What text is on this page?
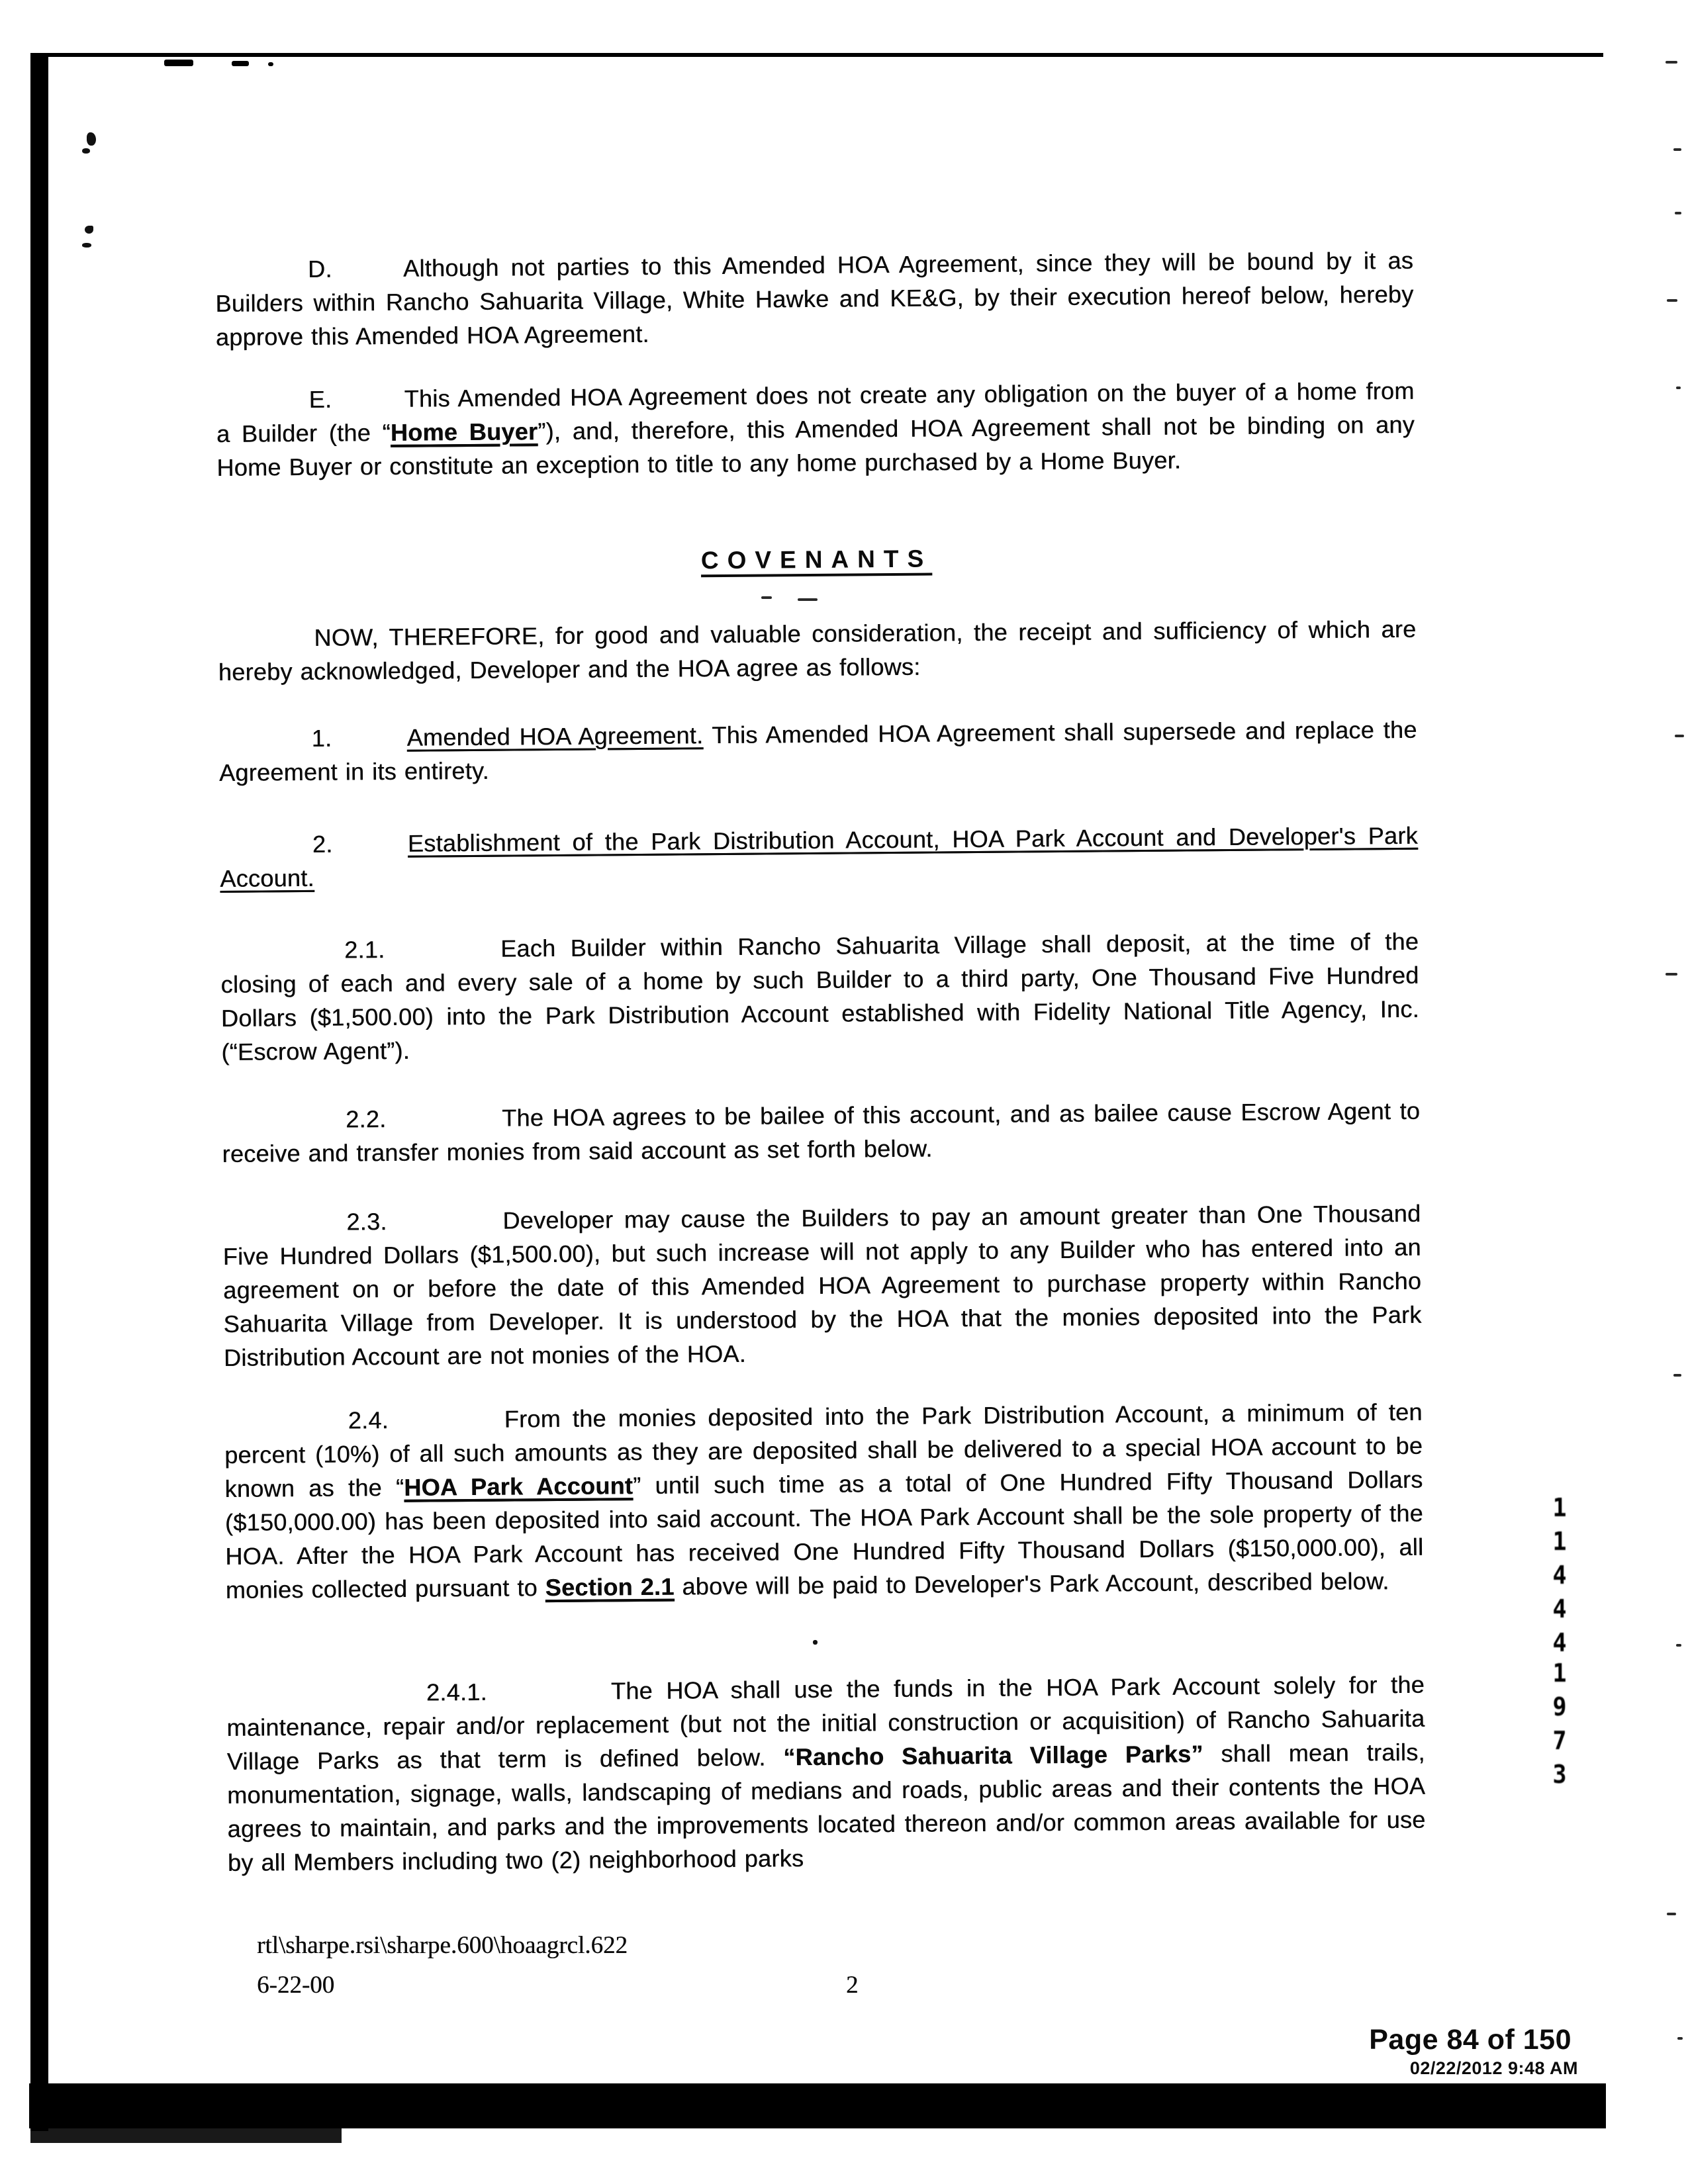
D.	Although not parties to this Amended HOA Agreement, since they will be bound by it as Builders within Rancho Sahuarita Village, White Hawke and KE&G, by their execution hereof below, hereby approve this Amended HOA Agreement.
E.	This Amended HOA Agreement does not create any obligation on the buyer of a home from a Builder (the “Home Buyer”), and, therefore, this Amended HOA Agreement shall not be binding on any Home Buyer or constitute an exception to title to any home purchased by a Home Buyer.
COVENANTS
NOW, THEREFORE, for good and valuable consideration, the receipt and sufficiency of which are hereby acknowledged, Developer and the HOA agree as follows:
1.	Amended HOA Agreement. This Amended HOA Agreement shall supersede and replace the Agreement in its entirety.
2.	Establishment of the Park Distribution Account, HOA Park Account and Developer's Park Account.
2.1.	Each Builder within Rancho Sahuarita Village shall deposit, at the time of the closing of each and every sale of a home by such Builder to a third party, One Thousand Five Hundred Dollars ($1,500.00) into the Park Distribution Account established with Fidelity National Title Agency, Inc. (“Escrow Agent”).
2.2.	The HOA agrees to be bailee of this account, and as bailee cause Escrow Agent to receive and transfer monies from said account as set forth below.
2.3.	Developer may cause the Builders to pay an amount greater than One Thousand Five Hundred Dollars ($1,500.00), but such increase will not apply to any Builder who has entered into an agreement on or before the date of this Amended HOA Agreement to purchase property within Rancho Sahuarita Village from Developer. It is understood by the HOA that the monies deposited into the Park Distribution Account are not monies of the HOA.
2.4.	From the monies deposited into the Park Distribution Account, a minimum of ten percent (10%) of all such amounts as they are deposited shall be delivered to a special HOA account to be known as the “HOA Park Account” until such time as a total of One Hundred Fifty Thousand Dollars ($150,000.00) has been deposited into said account. The HOA Park Account shall be the sole property of the HOA. After the HOA Park Account has received One Hundred Fifty Thousand Dollars ($150,000.00), all monies collected pursuant to Section 2.1 above will be paid to Developer's Park Account, described below.
2.4.1.	The HOA shall use the funds in the HOA Park Account solely for the maintenance, repair and/or replacement (but not the initial construction or acquisition) of Rancho Sahuarita Village Parks as that term is defined below. “Rancho Sahuarita Village Parks” shall mean trails, monumentation, signage, walls, landscaping of medians and roads, public areas and their contents the HOA agrees to maintain, and parks and the improvements located thereon and/or common areas available for use by all Members including two (2) neighborhood parks
rtl\sharpe.rsi\sharpe.600\hoaagrcl.622
6-22-00	2
Page 84 of 150
02/22/2012 9:48 AM
11444
1973
